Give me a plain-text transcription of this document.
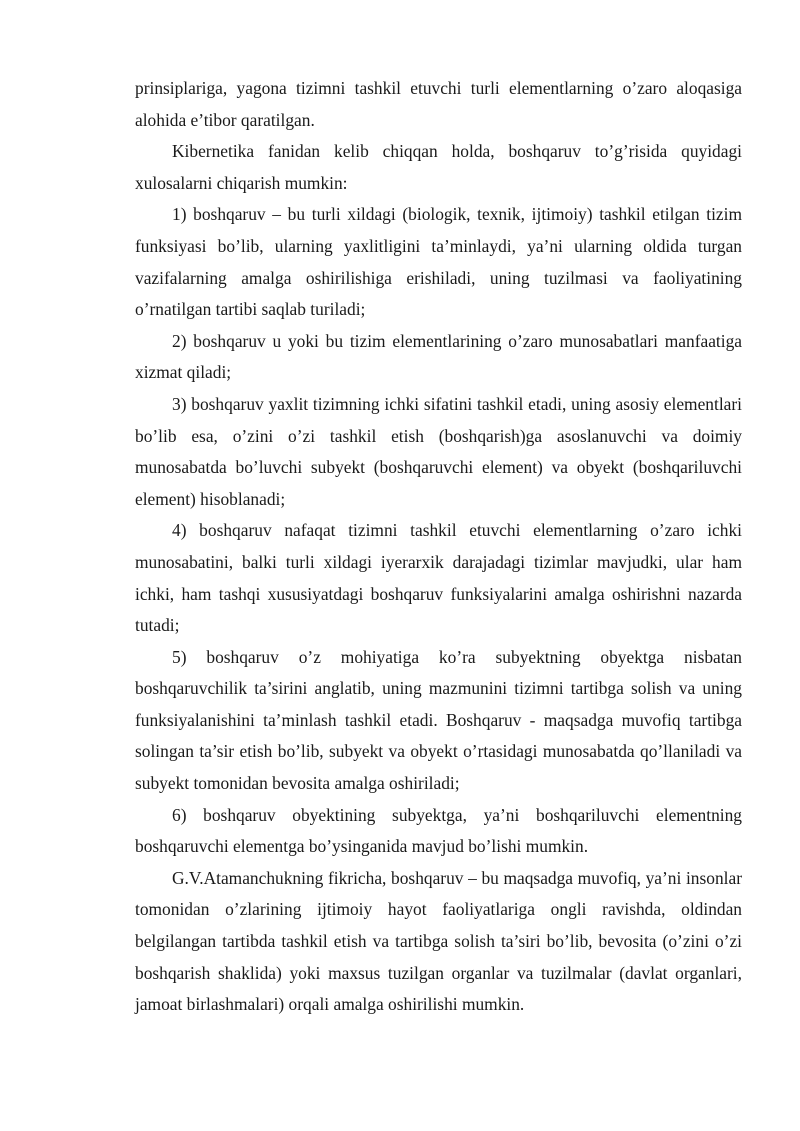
prinsiplariga, yagona tizimni tashkil etuvchi turli elementlarning o’zaro aloqasiga alohida e’tibor qaratilgan.

Kibernetika fanidan kelib chiqqan holda, boshqaruv to’g’risida quyidagi xulosalarni chiqarish mumkin:

1) boshqaruv – bu turli xildagi (biologik, texnik, ijtimoiy) tashkil etilgan tizim funksiyasi bo’lib, ularning yaxlitligini ta’minlaydi, ya’ni ularning oldida turgan vazifalarning amalga oshirilishiga erishiladi, uning tuzilmasi va faoliyatining o’rnatilgan tartibi saqlab turiladi;

2) boshqaruv u yoki bu tizim elementlarining o’zaro munosabatlari manfaatiga xizmat qiladi;

3) boshqaruv yaxlit tizimning ichki sifatini tashkil etadi, uning asosiy elementlari bo’lib esa, o’zini o’zi tashkil etish (boshqarish)ga asoslanuvchi va doimiy munosabatda bo’luvchi subyekt (boshqaruvchi element) va obyekt (boshqariluvchi element) hisoblanadi;

4) boshqaruv nafaqat tizimni tashkil etuvchi elementlarning o’zaro ichki munosabatini, balki turli xildagi iyerarxik darajadagi tizimlar mavjudki, ular ham ichki, ham tashqi xususiyatdagi boshqaruv funksiyalarini amalga oshirishni nazarda tutadi;

5) boshqaruv o’z mohiyatiga ko’ra subyektning obyektga nisbatan boshqaruvchilik ta’sirini anglatib, uning mazmunini tizimni tartibga solish va uning funksiyalanishini ta’minlash tashkil etadi. Boshqaruv - maqsadga muvofiq tartibga solingan ta’sir etish bo’lib, subyekt va obyekt o’rtasidagi munosabatda qo’llaniladi va subyekt tomonidan bevosita amalga oshiriladi;

6) boshqaruv obyektining subyektga, ya’ni boshqariluvchi elementning boshqaruvchi elementga bo’ysinganida mavjud bo’lishi mumkin.

G.V.Atamanchukning fikricha, boshqaruv – bu maqsadga muvofiq, ya’ni insonlar tomonidan o’zlarining ijtimoiy hayot faoliyatlariga ongli ravishda, oldindan belgilangan tartibda tashkil etish va tartibga solish ta’siri bo’lib, bevosita (o’zini o’zi boshqarish shaklida) yoki maxsus tuzilgan organlar va tuzilmalar (davlat organlari, jamoat birlashmalari) orqali amalga oshirilishi mumkin.
